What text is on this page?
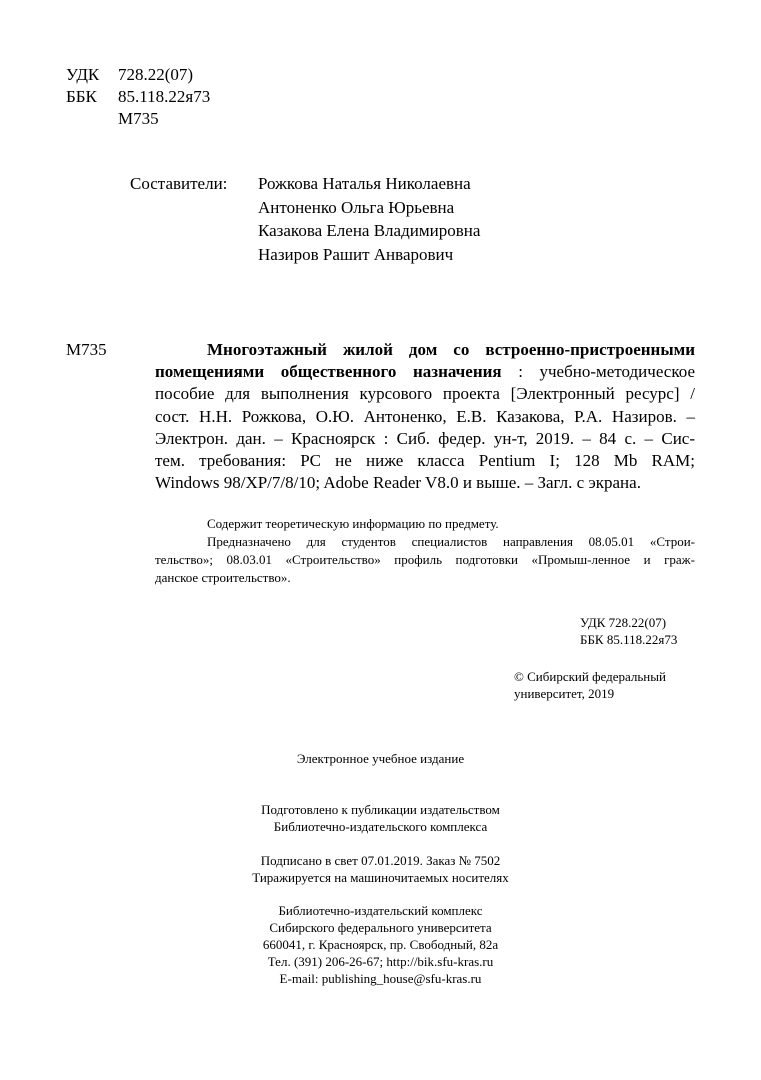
УДК 728.22(07)
ББК 85.118.22я73
М735
Составители: Рожкова Наталья Николаевна
Антоненко Ольга Юрьевна
Казакова Елена Владимировна
Назиров Рашит Анварович
М735	Многоэтажный жилой дом со встроенно-пристроенными
помещениями общественного назначения : учебно-методическое
пособие для выполнения курсового проекта [Электронный ресурс] /
сост. Н.Н. Рожкова, О.Ю. Антоненко, Е.В. Казакова, Р.А. Назиров. –
Электрон. дан. – Красноярск : Сиб. федер. ун-т, 2019. – 84 с. – Сис-
тем. требования: PC не ниже класса Pentium I; 128 Mb RAM;
Windows 98/XP/7/8/10; Adobe Reader V8.0 и выше. – Загл. с экрана.
Содержит теоретическую информацию по предмету.
Предназначено для студентов специалистов направления 08.05.01 «Строи-
тельство»; 08.03.01 «Строительство» профиль подготовки «Промыш-ленное и граж-
данское строительство».
УДК 728.22(07)
ББК 85.118.22я73
© Сибирский федеральный
университет, 2019
Электронное учебное издание
Подготовлено к публикации издательством
Библиотечно-издательского комплекса
Подписано в свет 07.01.2019. Заказ № 7502
Тиражируется на машиночитаемых носителях
Библиотечно-издательский комплекс
Сибирского федерального университета
660041, г. Красноярск, пр. Свободный, 82а
Тел. (391) 206-26-67; http://bik.sfu-kras.ru
E-mail: publishing_house@sfu-kras.ru
